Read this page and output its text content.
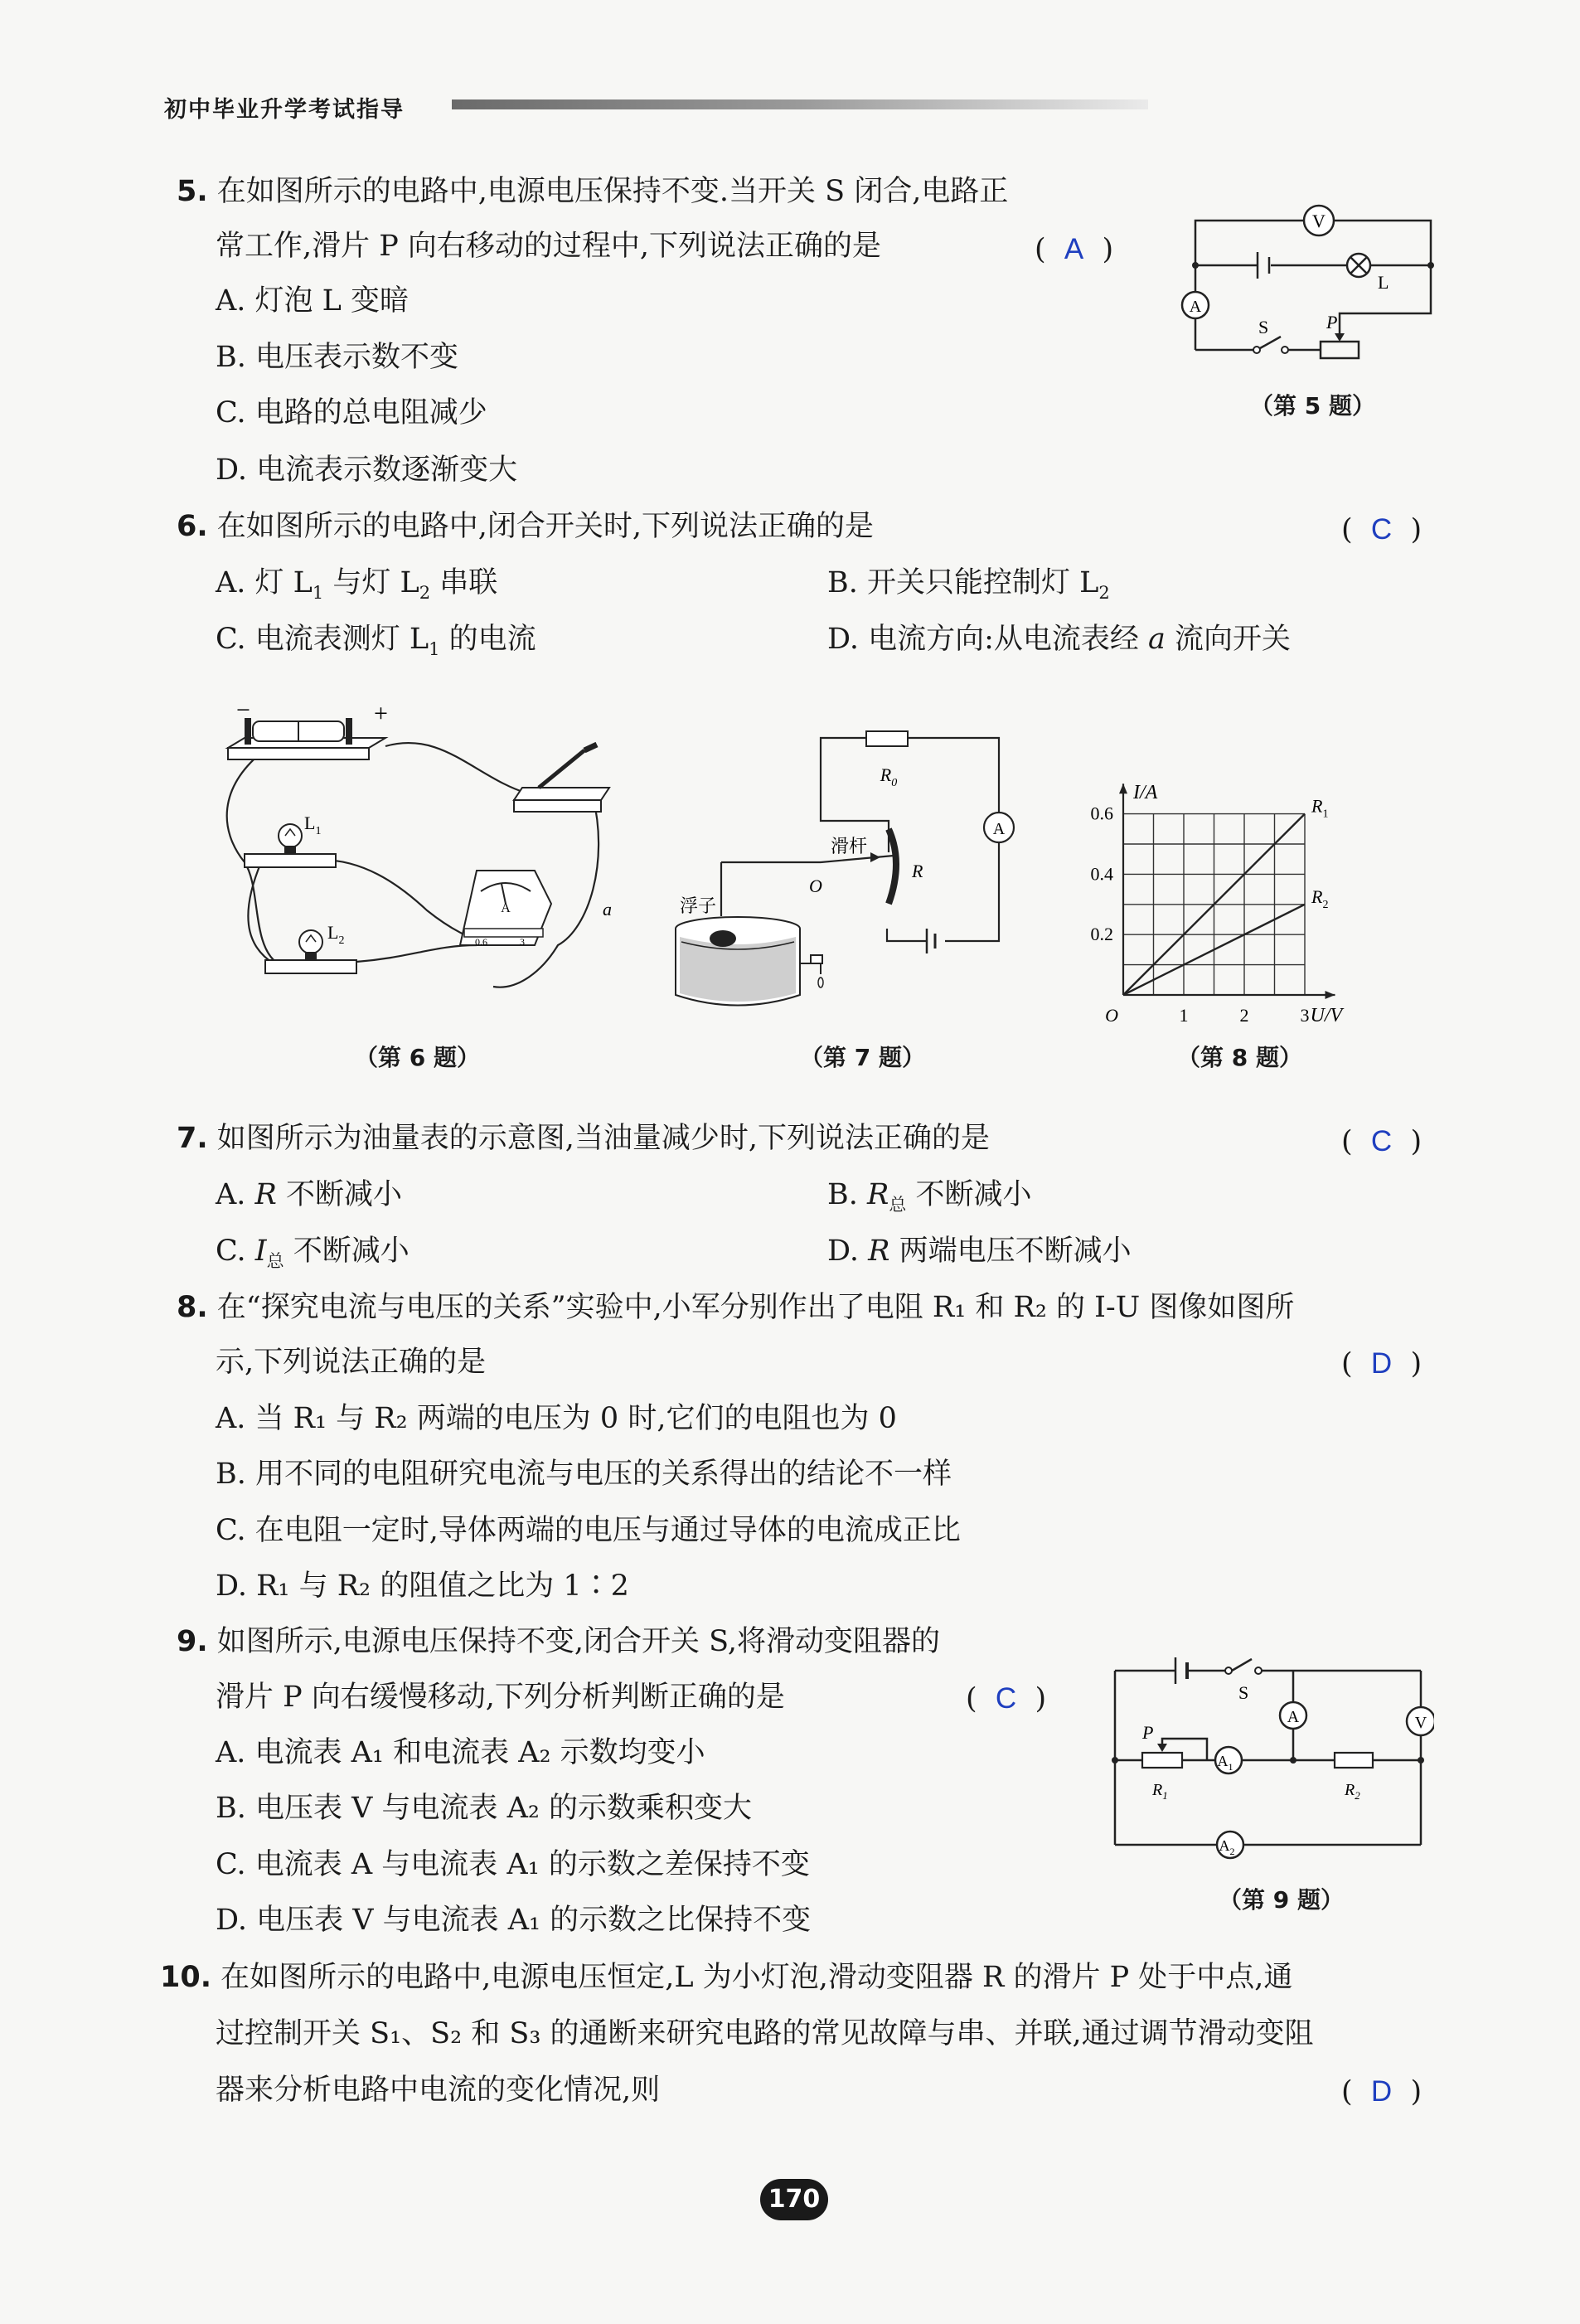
初中毕业升学考试指导
5. 在如图所示的电路中,电源电压保持不变.当开关 S 闭合,电路正
常工作,滑片 P 向右移动的过程中,下列说法正确的是	(  A  )
A. 灯泡 L 变暗
B. 电压表示数不变
C. 电路的总电阻减少
D. 电流表示数逐渐变大
V
L
A
S	P
（第 5 题）
6. 在如图所示的电路中,闭合开关时,下列说法正确的是	(  C  )
A. 灯 $L_1$ 与灯 $L_2$ 串联	B. 开关只能控制灯 $L_2$
C. 电流表测灯 $L_1$ 的电流	D. 电流方向:从电流表经 a 流向开关
−	+
$L_1$
$L_2$
A
0.6	3
a
（第 6 题）
$R_0$
A
R
滑杆
O
浮子
（第 7 题）
$R_1$
$R_2$
1	2	3
0.2
0.4
0.6
O	U/V
I/A
（第 8 题）
7. 如图所示为油量表的示意图,当油量减少时,下列说法正确的是	(  C  )
A. R 不断减小	B. $R_总$ 不断减小
C. $I_总$ 不断减小	D. R 两端电压不断减小
8. 在“探究电流与电压的关系”实验中,小军分别作出了电阻 R₁ 和 R₂ 的 I-U 图像如图所
示,下列说法正确的是	(  D  )
A. 当 R₁ 与 R₂ 两端的电压为 0 时,它们的电阻也为 0
B. 用不同的电阻研究电流与电压的关系得出的结论不一样
C. 在电阻一定时,导体两端的电压与通过导体的电流成正比
D. R₁ 与 R₂ 的阻值之比为 1∶2
9. 如图所示,电源电压保持不变,闭合开关 S,将滑动变阻器的
滑片 P 向右缓慢移动,下列分析判断正确的是	(  C  )
A. 电流表 A₁ 和电流表 A₂ 示数均变小
B. 电压表 V 与电流表 A₂ 的示数乘积变大
C. 电流表 A 与电流表 A₁ 的示数之差保持不变
D. 电压表 V 与电流表 A₁ 的示数之比保持不变
S
A	V
P
$R_1$
$A_1$
$R_2$
$A_2$
（第 9 题）
10. 在如图所示的电路中,电源电压恒定,L 为小灯泡,滑动变阻器 R 的滑片 P 处于中点,通
过控制开关 S₁、S₂ 和 S₃ 的通断来研究电路的常见故障与串、并联,通过调节滑动变阻
器来分析电路中电流的变化情况,则	(  D  )
170
